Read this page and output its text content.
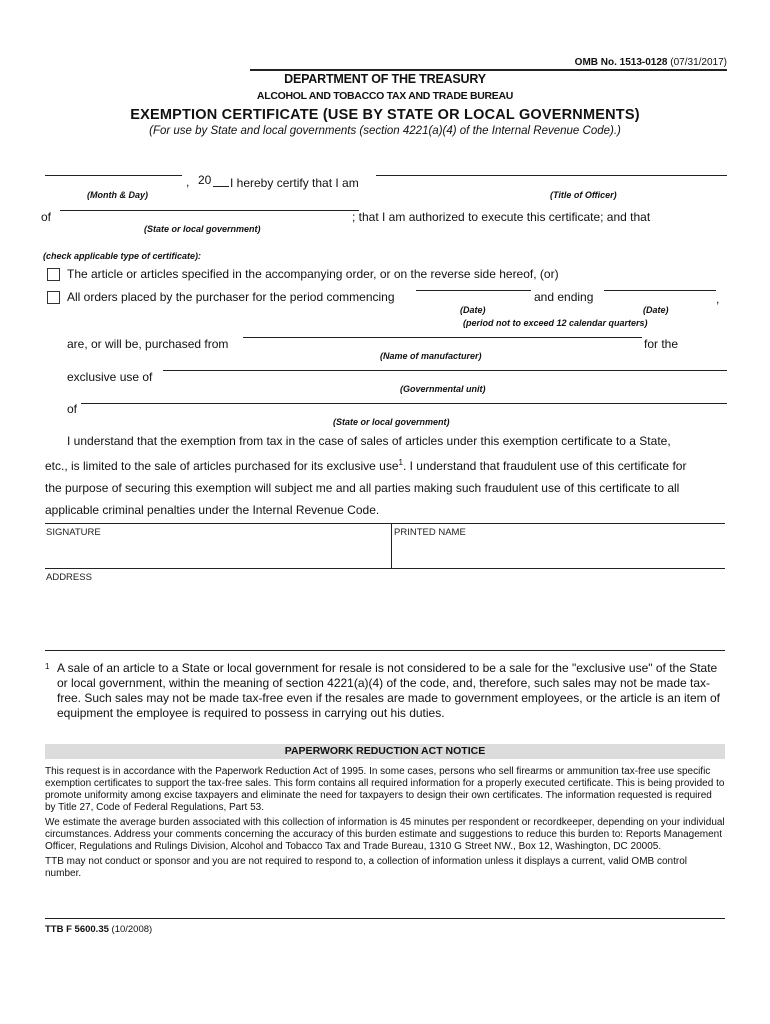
OMB No. 1513-0128 (07/31/2017)
DEPARTMENT OF THE TREASURY
ALCOHOL AND TOBACCO TAX AND TRADE BUREAU
EXEMPTION CERTIFICATE (USE BY STATE OR LOCAL GOVERNMENTS)
(For use by State and local governments (section 4221(a)(4) of the Internal Revenue Code).)
, 20 I hereby certify that I am
(Month & Day)	(Title of Officer)
of	; that I am authorized to execute this certificate; and that
(State or local government)
(check applicable type of certificate):
The article or articles specified in the accompanying order, or on the reverse side hereof, (or)
All orders placed by the purchaser for the period commencing	and ending	,
(Date)	(Date)
(period not to exceed 12 calendar quarters)
are, or will be, purchased from	for the
(Name of manufacturer)
exclusive use of
(Governmental unit)
of
(State or local government)
I understand that the exemption from tax in the case of sales of articles under this exemption certificate to a State,
etc., is limited to the sale of articles purchased for its exclusive use$^1$. I understand that fraudulent use of this certificate for
the purpose of securing this exemption will subject me and all parties making such fraudulent use of this certificate to all
applicable criminal penalties under the Internal Revenue Code.
SIGNATURE	PRINTED NAME
ADDRESS
1 A sale of an article to a State or local government for resale is not considered to be a sale for the "exclusive use" of the State or local government, within the meaning of section 4221(a)(4) of the code, and, therefore, such sales may not be made tax-free. Such sales may not be made tax-free even if the resales are made to government employees, or the article is an item of equipment the employee is required to possess in carrying out his duties.
PAPERWORK REDUCTION ACT NOTICE

This request is in accordance with the Paperwork Reduction Act of 1995. In some cases, persons who sell firearms or ammunition tax-free use specific exemption certificates to support the tax-free sales. This form contains all required information for a properly executed certificate. This is being provided to promote uniformity among excise taxpayers and eliminate the need for taxpayers to design their own certificates. The information requested is required by Title 27, Code of Federal Regulations, Part 53.

We estimate the average burden associated with this collection of information is 45 minutes per respondent or recordkeeper, depending on your individual circumstances. Address your comments concerning the accuracy of this burden estimate and suggestions to reduce this burden to: Reports Management Officer, Regulations and Rulings Division, Alcohol and Tobacco Tax and Trade Bureau, 1310 G Street NW., Box 12, Washington, DC 20005.

TTB may not conduct or sponsor and you are not required to respond to, a collection of information unless it displays a current, valid OMB control number.

TTB F 5600.35 (10/2008)
